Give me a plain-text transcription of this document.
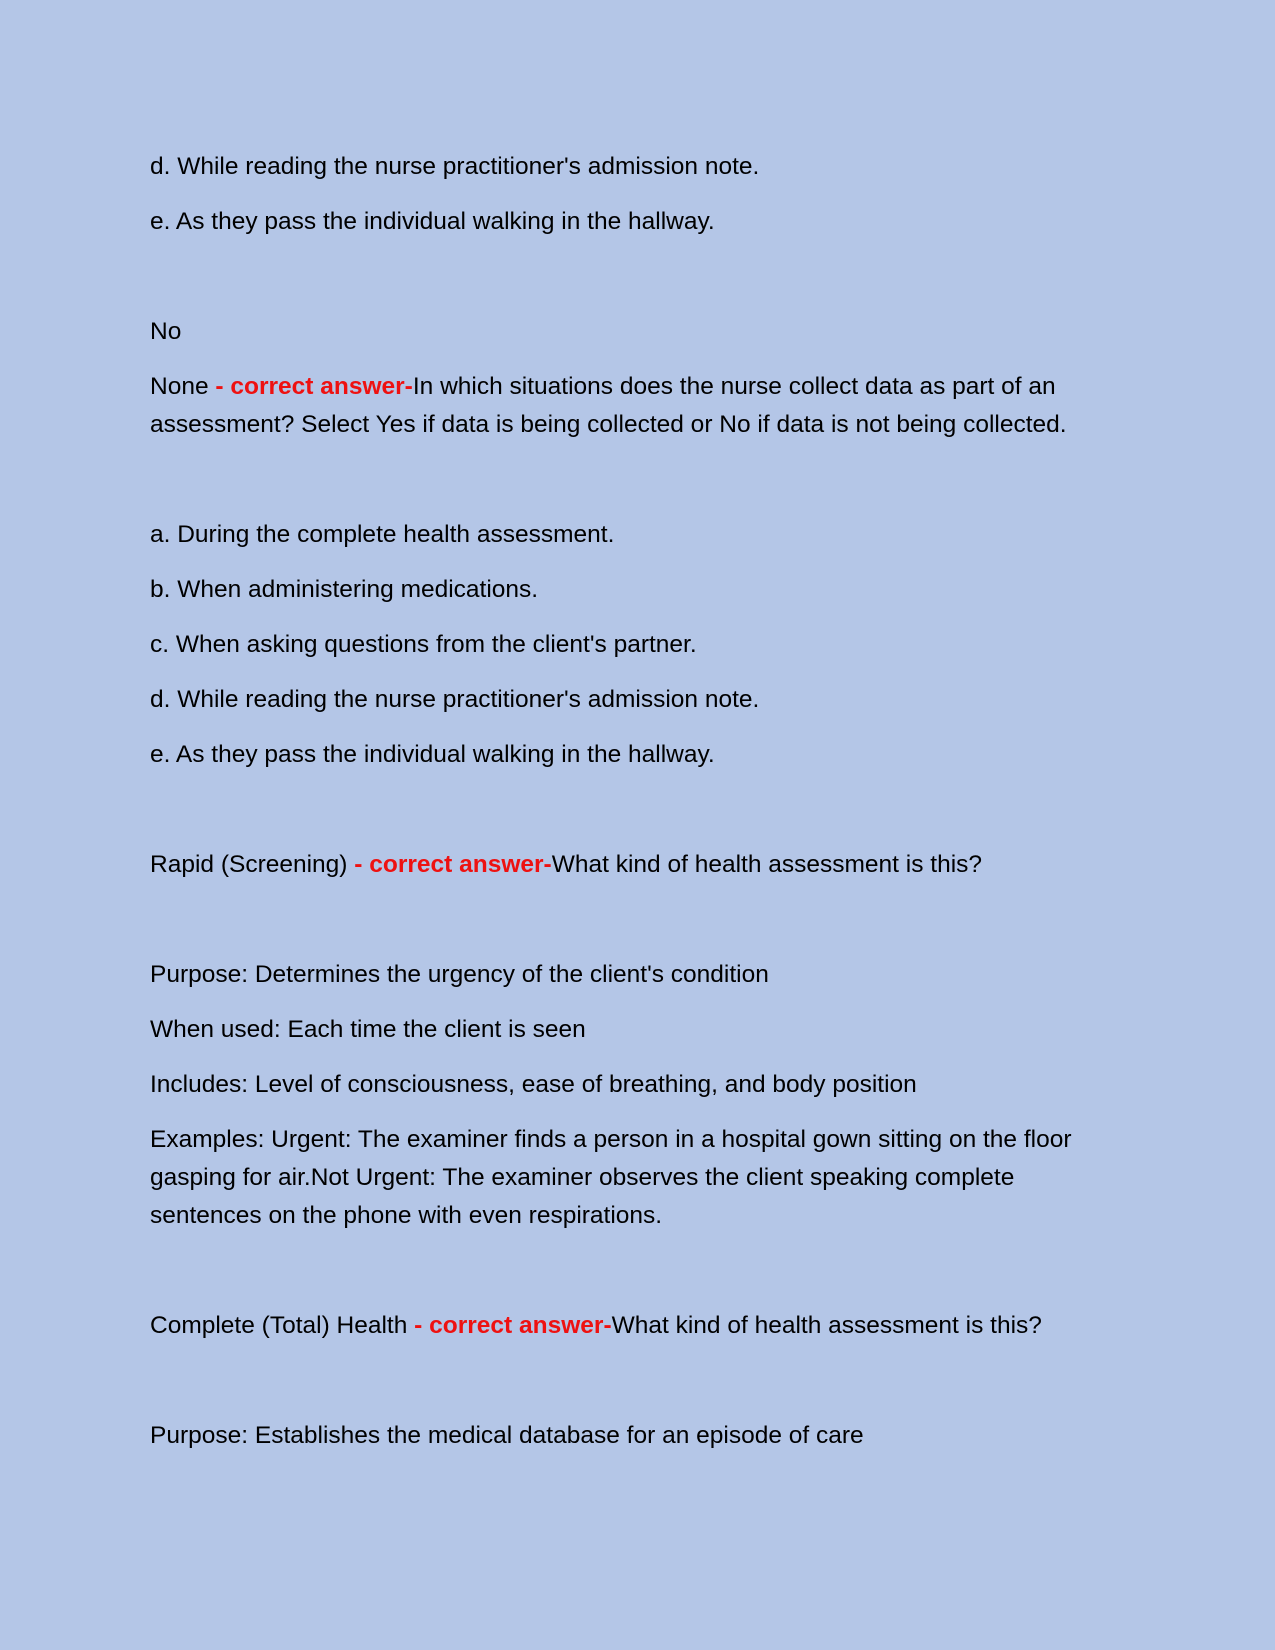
d. While reading the nurse practitioner's admission note.

e. As they pass the individual walking in the hallway.

No

None - correct answer-In which situations does the nurse collect data as part of an assessment? Select Yes if data is being collected or No if data is not being collected.

a. During the complete health assessment.

b. When administering medications.

c. When asking questions from the client's partner.

d. While reading the nurse practitioner's admission note.

e. As they pass the individual walking in the hallway.

Rapid (Screening) - correct answer-What kind of health assessment is this?

Purpose: Determines the urgency of the client's condition

When used: Each time the client is seen

Includes: Level of consciousness, ease of breathing, and body position

Examples: Urgent: The examiner finds a person in a hospital gown sitting on the floor gasping for air.Not Urgent: The examiner observes the client speaking complete sentences on the phone with even respirations.

Complete (Total) Health - correct answer-What kind of health assessment is this?

Purpose: Establishes the medical database for an episode of care
